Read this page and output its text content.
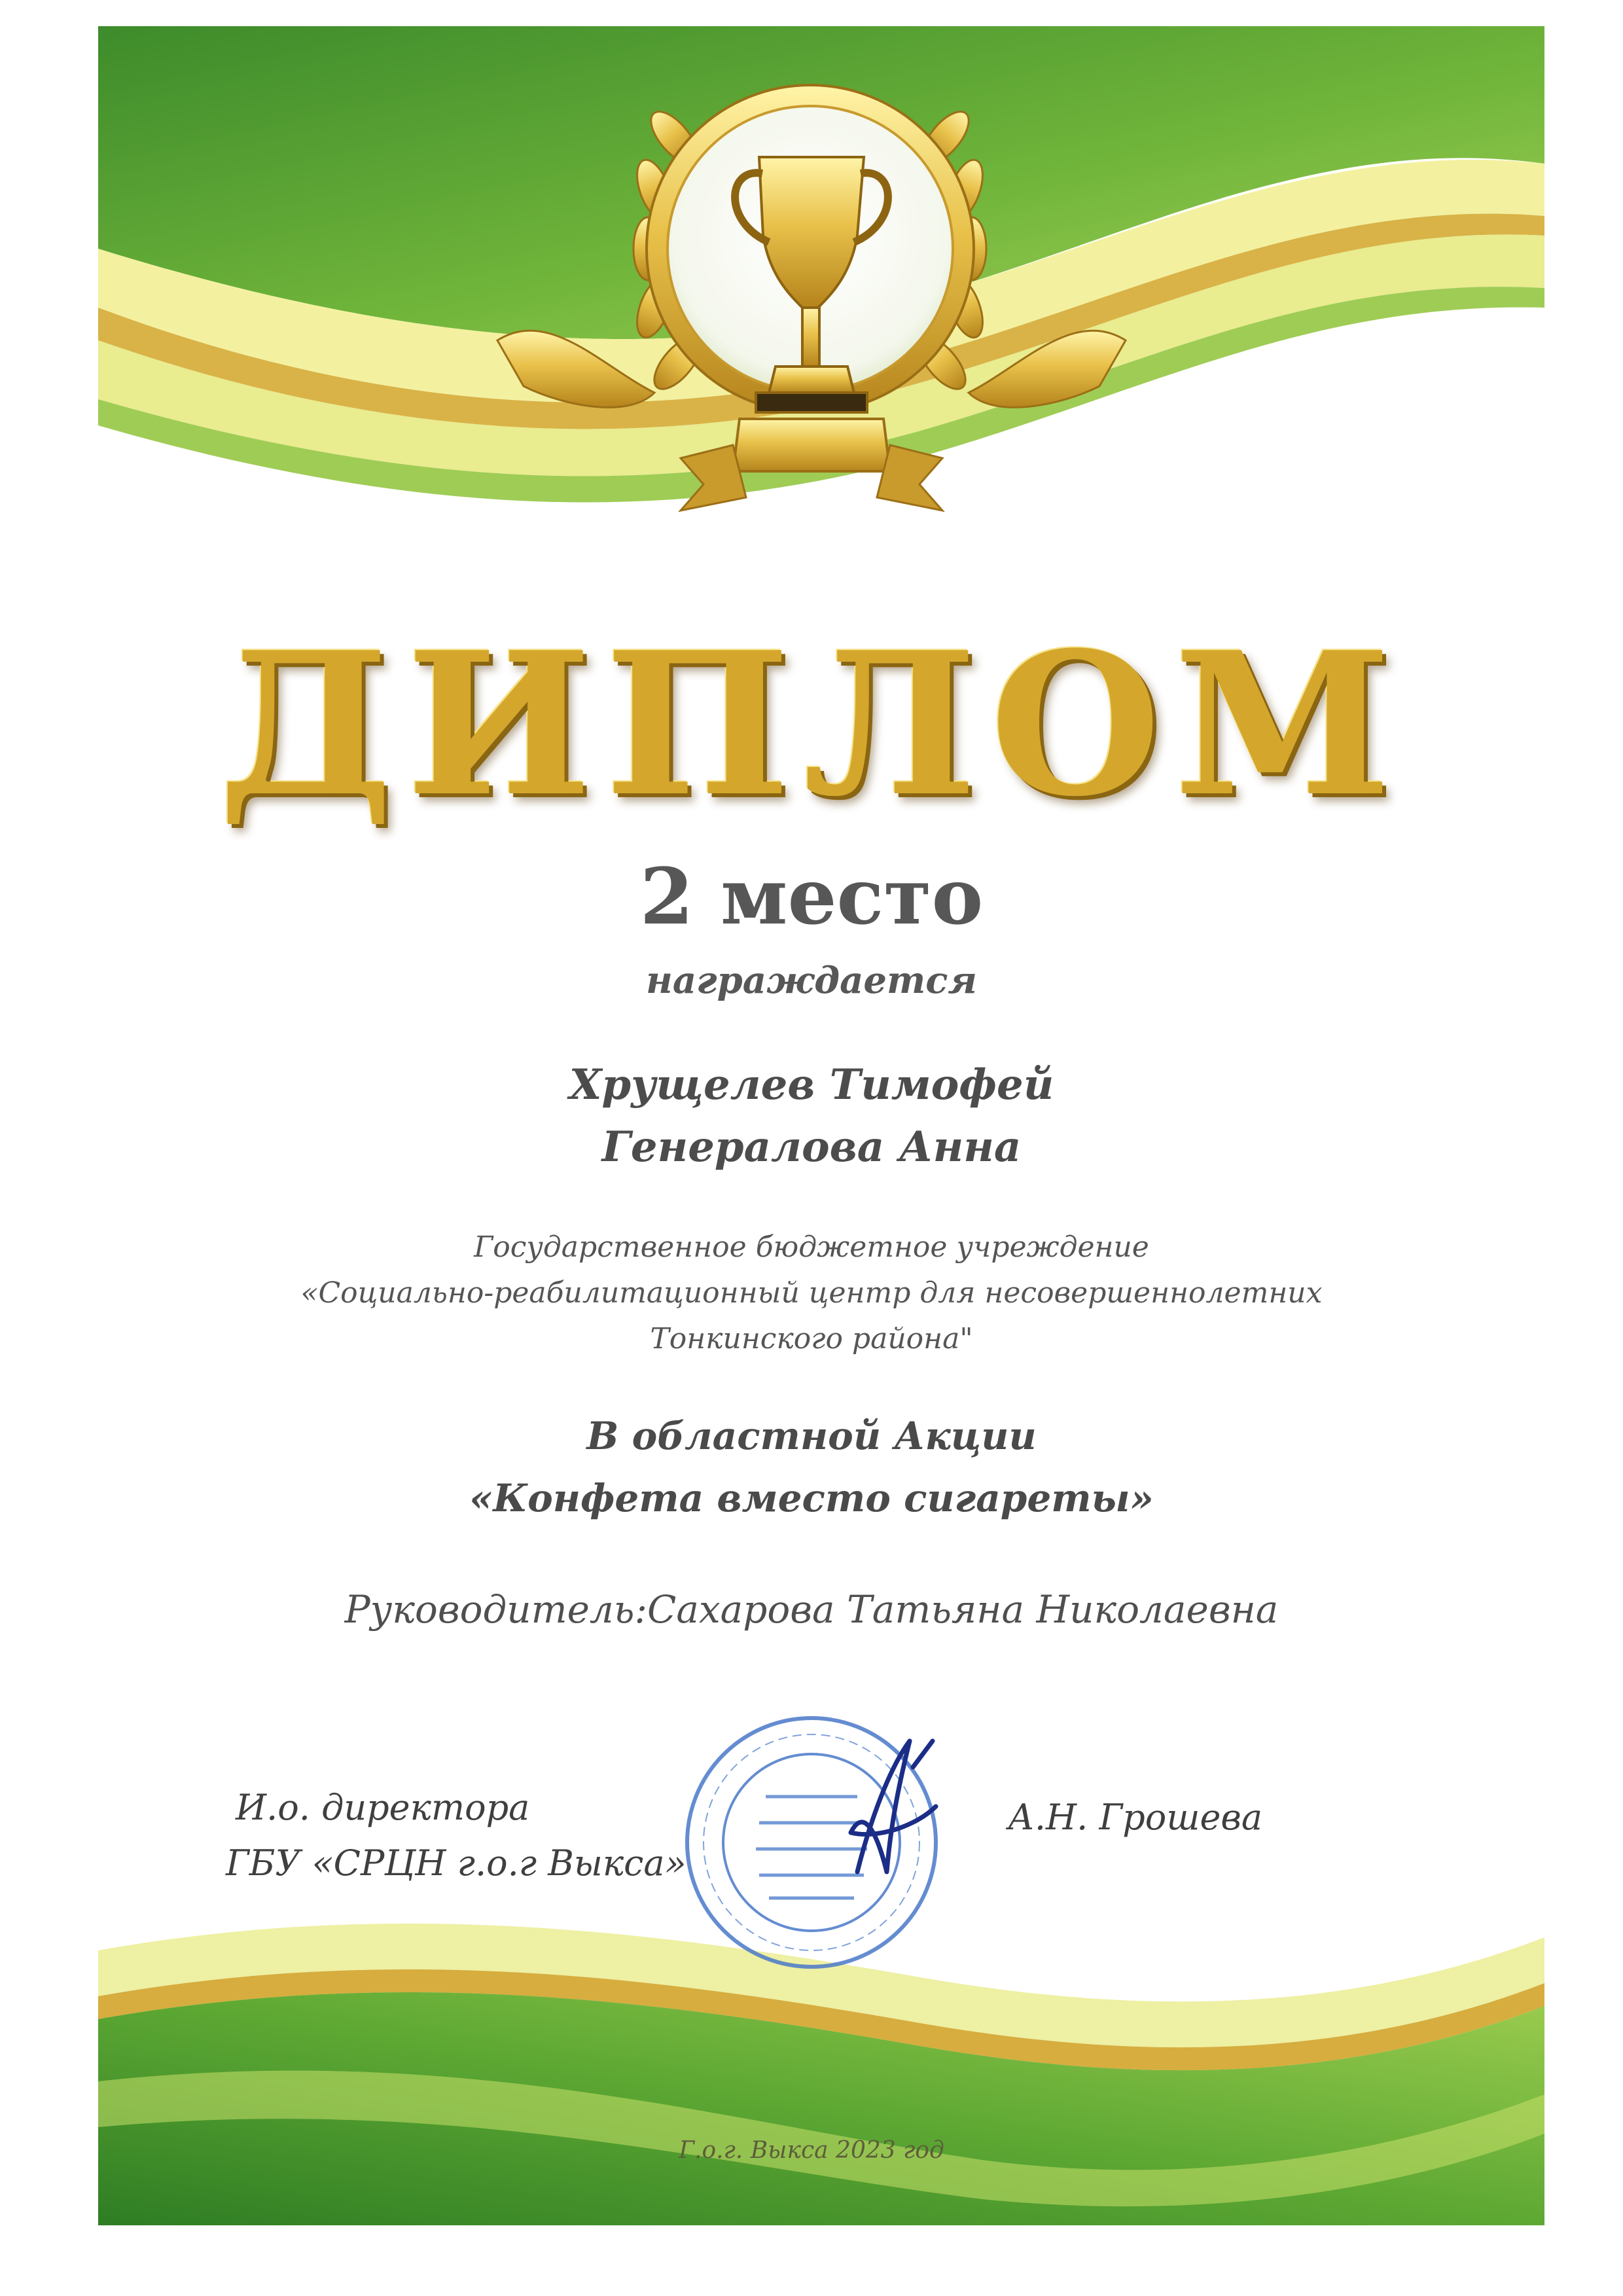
ДИПЛОМ
2 место
награждается
Хрущелев Тимофей
Генералова Анна
Государственное бюджетное учреждение
«Социально-реабилитационный центр для несовершеннолетних
Тонкинского района"
В областной Акции
«Конфета вместо сигареты»
Руководитель:Сахарова Татьяна Николаевна
И.о. директора
ГБУ «СРЦН г.о.г Выкса»
А.Н. Грошева
Г.о.г. Выкса 2023 год
